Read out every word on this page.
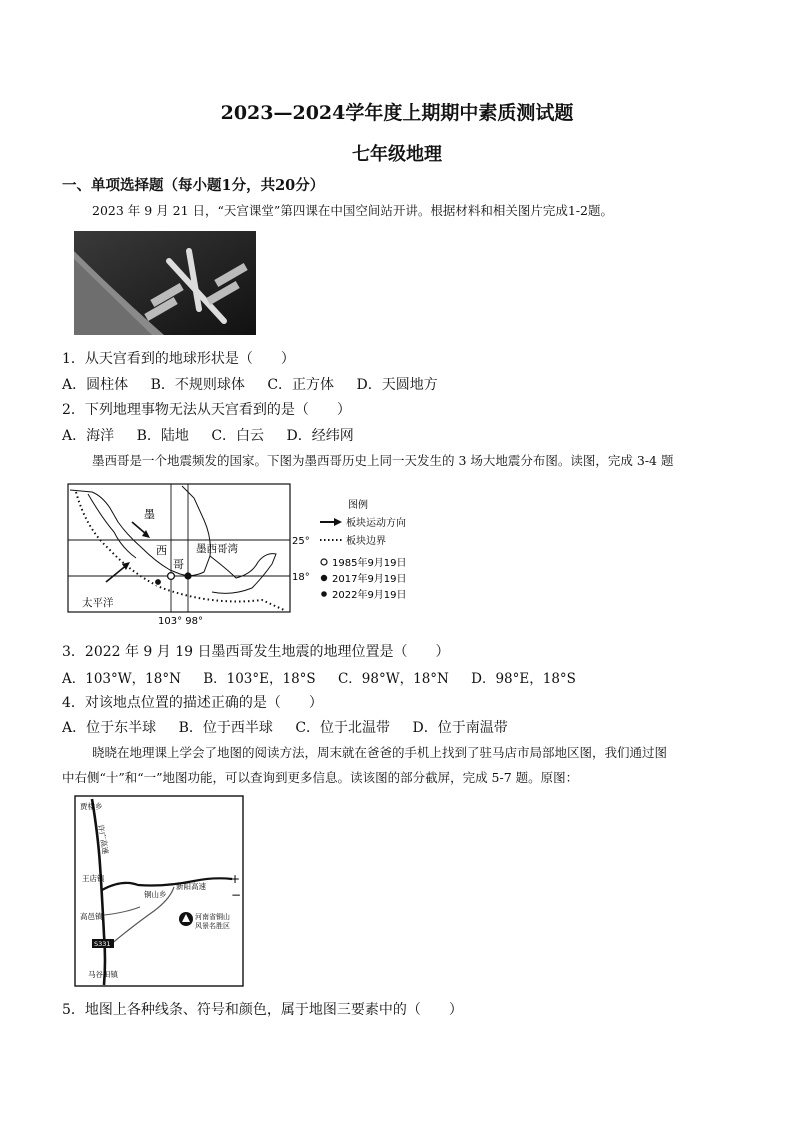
2023—2024学年度上期期中素质测试题
七年级地理
一、单项选择题（每小题1分，共20分）
2023 年 9 月 21 日，“天宫课堂”第四课在中国空间站开讲。根据材料和相关图片完成1-2题。
1．从天宫看到的地球形状是（　　）
A．圆柱体 B．不规则球体 C．正方体 D．天圆地方
2．下列地理事物无法从天宫看到的是（　　）
A．海洋 B．陆地 C．白云 D．经纬网
墨西哥是一个地震频发的国家。下图为墨西哥历史上同一天发生的 3 场大地震分布图。读图，完成 3-4 题
墨
西
哥
墨西哥湾
太平洋
25°
18°
103° 98°
图例
板块运动方向
板块边界
1985年9月19日
2017年9月19日
2022年9月19日
3．2022 年 9 月 19 日墨西哥发生地震的地理位置是（　　）
A．103°W，18°N B．103°E，18°S C．98°W，18°N D．98°E，18°S
4．对该地点位置的描述正确的是（　　）
A．位于东半球 B．位于西半球 C．位于北温带 D．位于南温带
晓晓在地理课上学会了地图的阅读方法，周末就在爸爸的手机上找到了驻马店市局部地区图，我们通过图
中右侧“十”和“一”地图功能，可以查询到更多信息。读该图的部分截屏，完成 5-7 题。原图：
贾楼乡
许广高速
王店镇
铜山乡
新阳高速
高邑镇
马谷田镇
河南省铜山
风景名胜区
S331
+
−
5．地图上各种线条、符号和颜色，属于地图三要素中的（　　）
